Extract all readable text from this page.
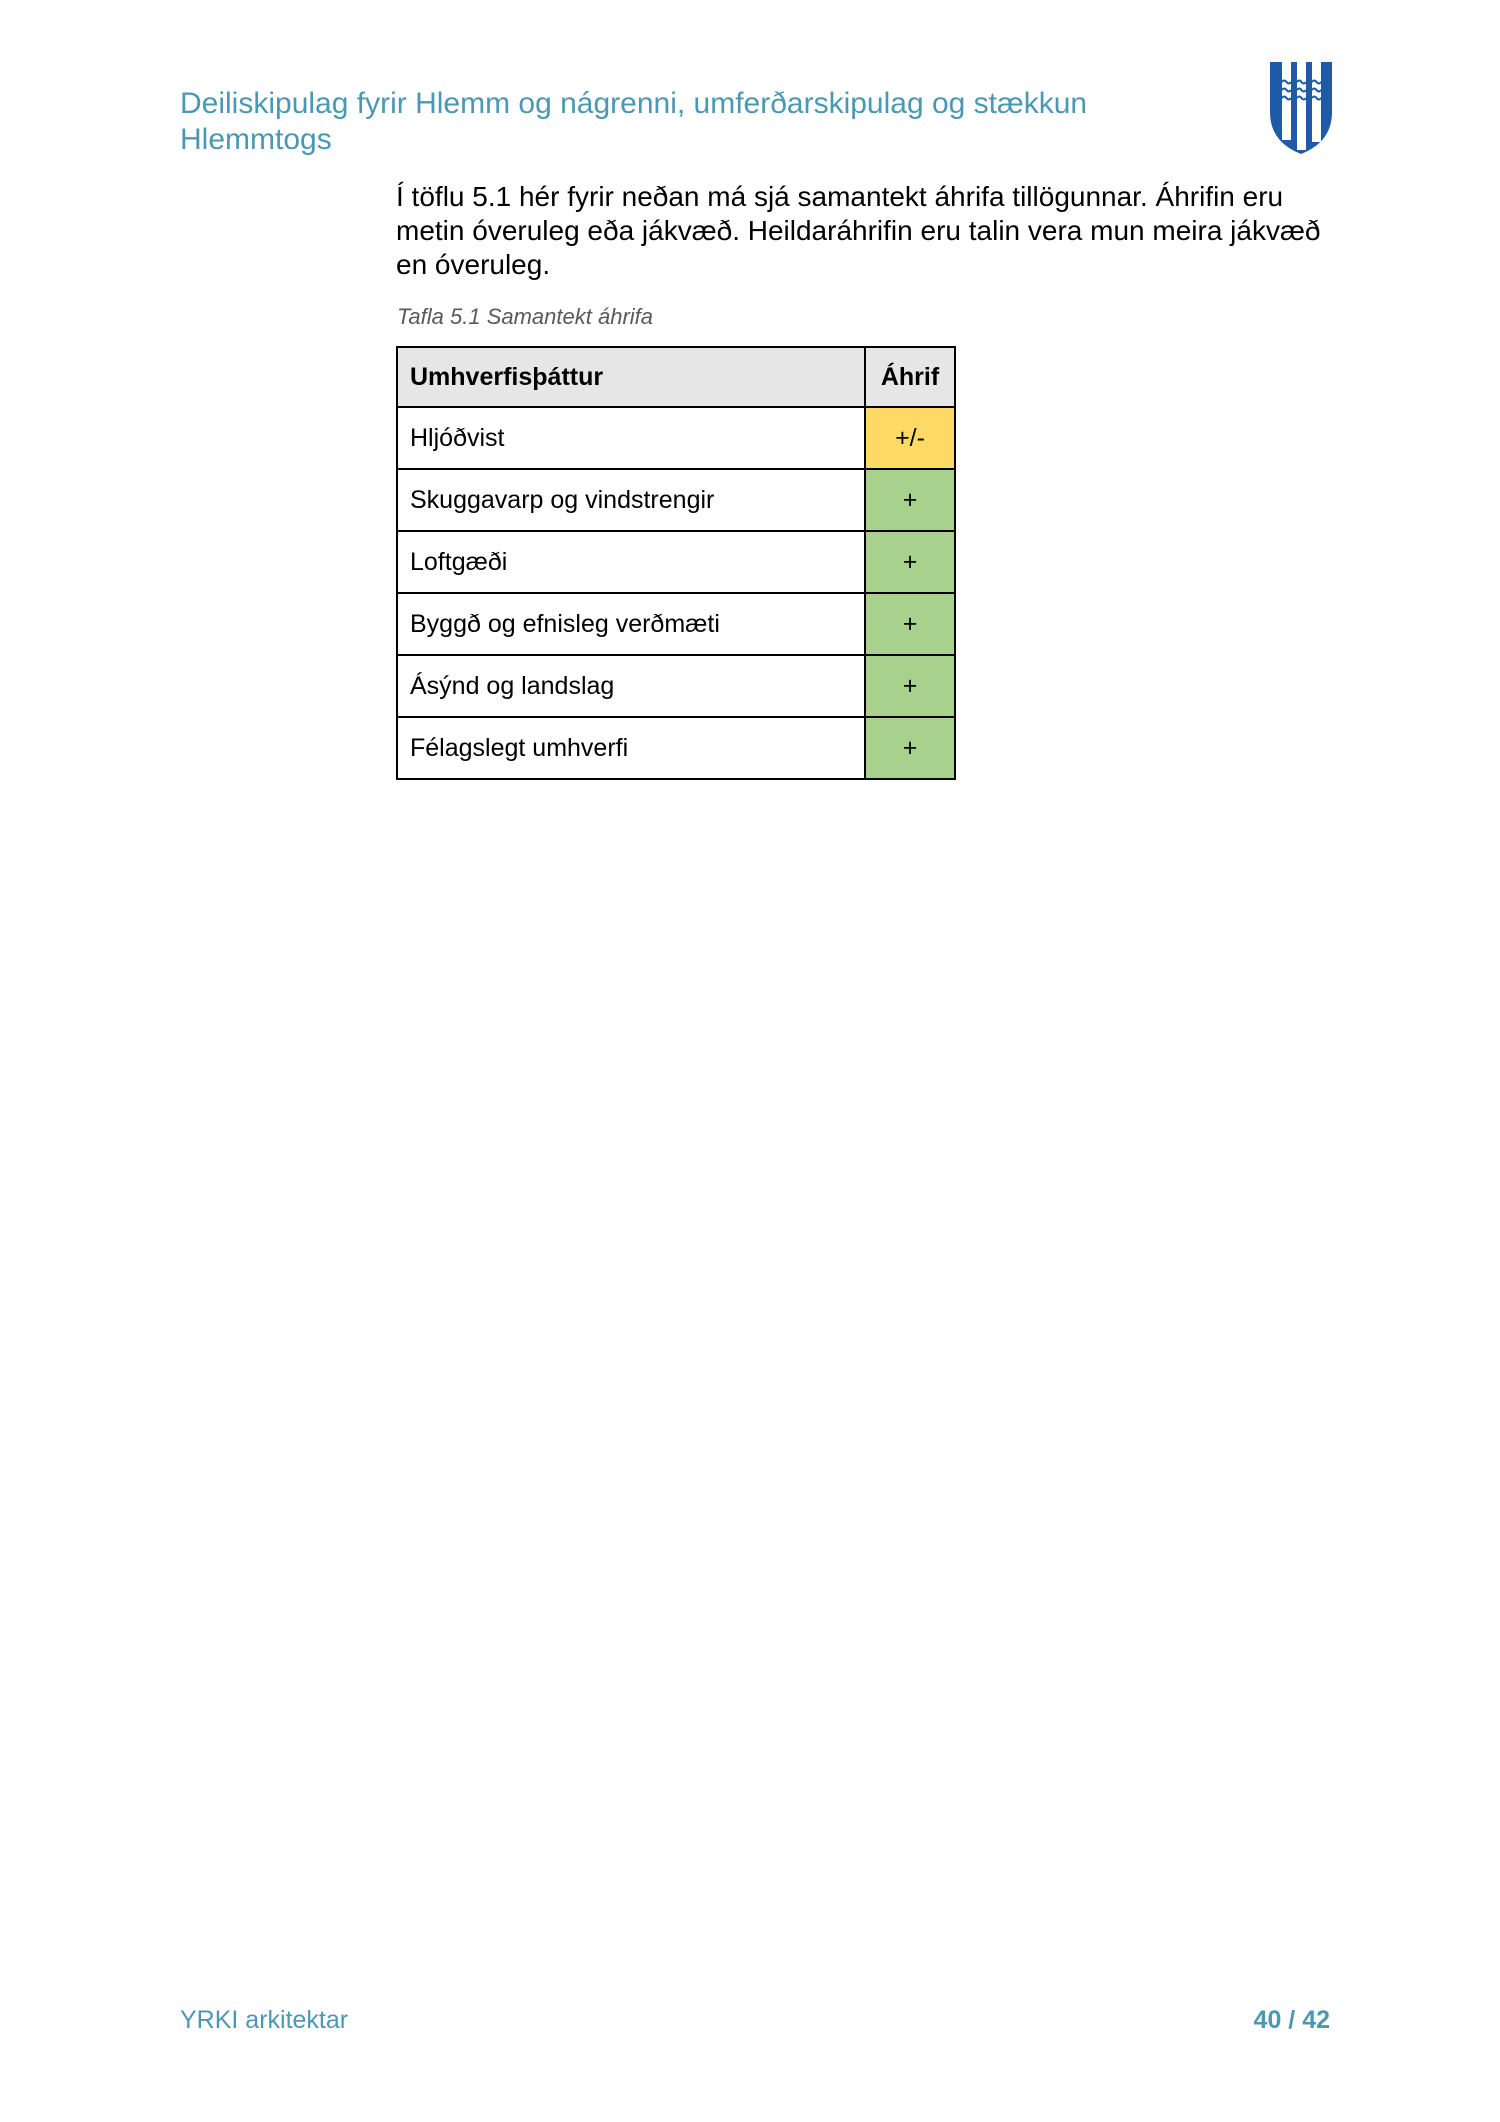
Deiliskipulag fyrir Hlemm og nágrenni, umferðarskipulag og stækkun
Hlemmtogs
Í töflu 5.1 hér fyrir neðan má sjá samantekt áhrifa tillögunnar. Áhrifin eru metin óveruleg eða jákvæð. Heildaráhrifin eru talin vera mun meira jákvæð en óveruleg.
Tafla 5.1 Samantekt áhrifa
Umhverfisþáttur	Áhrif
Hljóðvist	+/-
Skuggavarp og vindstrengir	+
Loftgæði	+
Byggð og efnisleg verðmæti	+
Ásýnd og landslag	+
Félagslegt umhverfi	+
YRKI arkitektar	40 / 42
